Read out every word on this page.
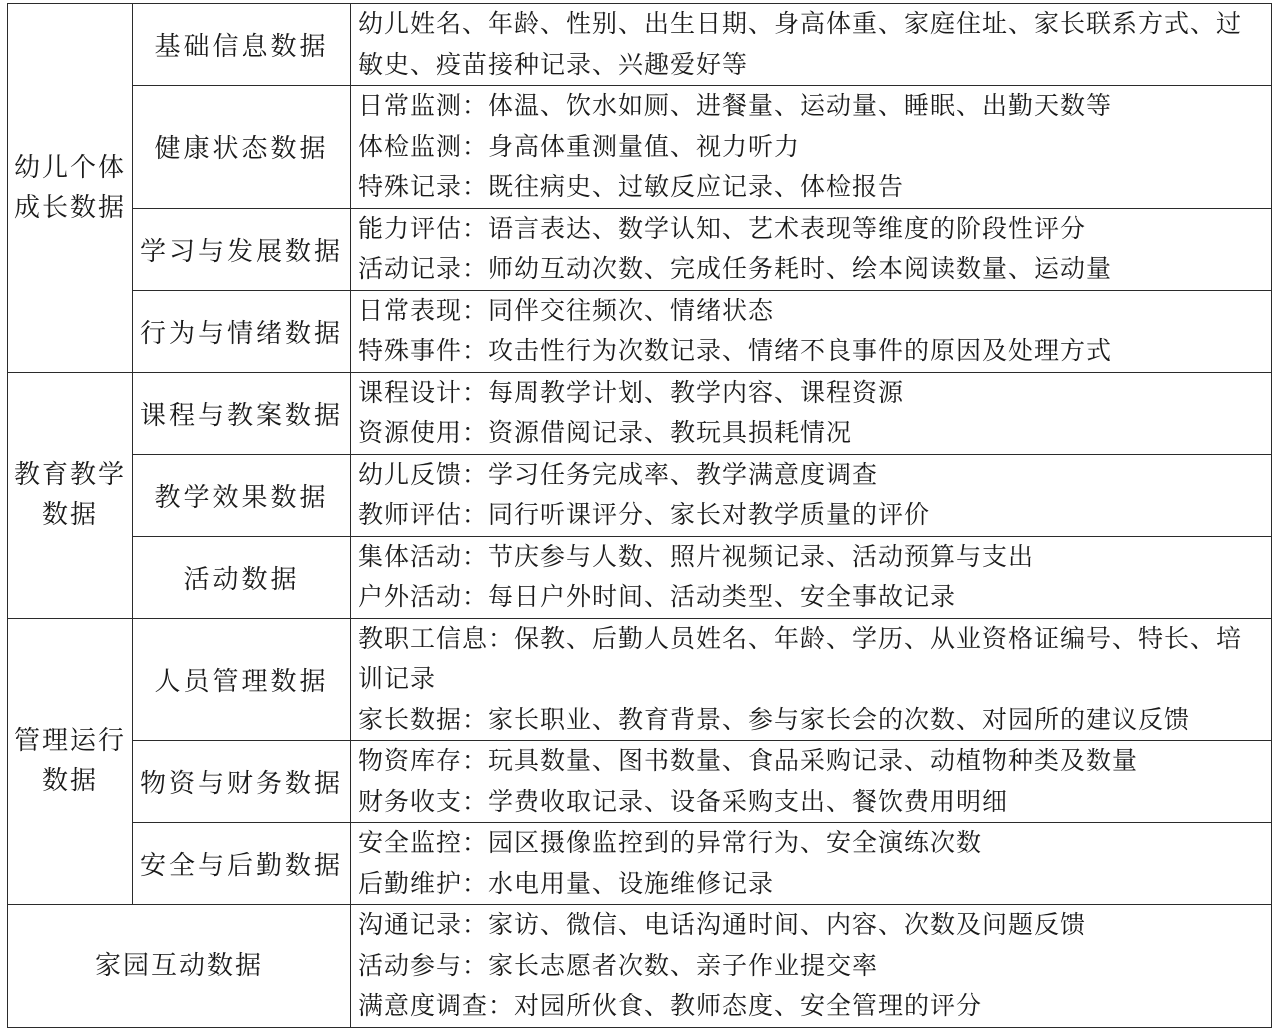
幼儿个体
成长数据	基础信息数据	幼儿姓名、年龄、性别、出生日期、身高体重、家庭住址、家长联系方式、过敏史、疫苗接种记录、兴趣爱好等

	健康状态数据	日常监测：体温、饮水如厕、进餐量、运动量、睡眠、出勤天数等
体检监测：身高体重测量值、视力听力
特殊记录：既往病史、过敏反应记录、体检报告

	学习与发展数据	能力评估：语言表达、数学认知、艺术表现等维度的阶段性评分
活动记录：师幼互动次数、完成任务耗时、绘本阅读数量、运动量

	行为与情绪数据	日常表现：同伴交往频次、情绪状态
特殊事件：攻击性行为次数记录、情绪不良事件的原因及处理方式

教育教学
数据	课程与教案数据	课程设计：每周教学计划、教学内容、课程资源
资源使用：资源借阅记录、教玩具损耗情况

	教学效果数据	幼儿反馈：学习任务完成率、教学满意度调查
教师评估：同行听课评分、家长对教学质量的评价

	活动数据	集体活动：节庆参与人数、照片视频记录、活动预算与支出
户外活动：每日户外时间、活动类型、安全事故记录

管理运行
数据	人员管理数据	教职工信息：保教、后勤人员姓名、年龄、学历、从业资格证编号、特长、培训记录
家长数据：家长职业、教育背景、参与家长会的次数、对园所的建议反馈

	物资与财务数据	物资库存：玩具数量、图书数量、食品采购记录、动植物种类及数量
财务收支：学费收取记录、设备采购支出、餐饮费用明细

	安全与后勤数据	安全监控：园区摄像监控到的异常行为、安全演练次数
后勤维护：水电用量、设施维修记录

家园互动数据		沟通记录：家访、微信、电话沟通时间、内容、次数及问题反馈
活动参与：家长志愿者次数、亲子作业提交率
满意度调查：对园所伙食、教师态度、安全管理的评分
